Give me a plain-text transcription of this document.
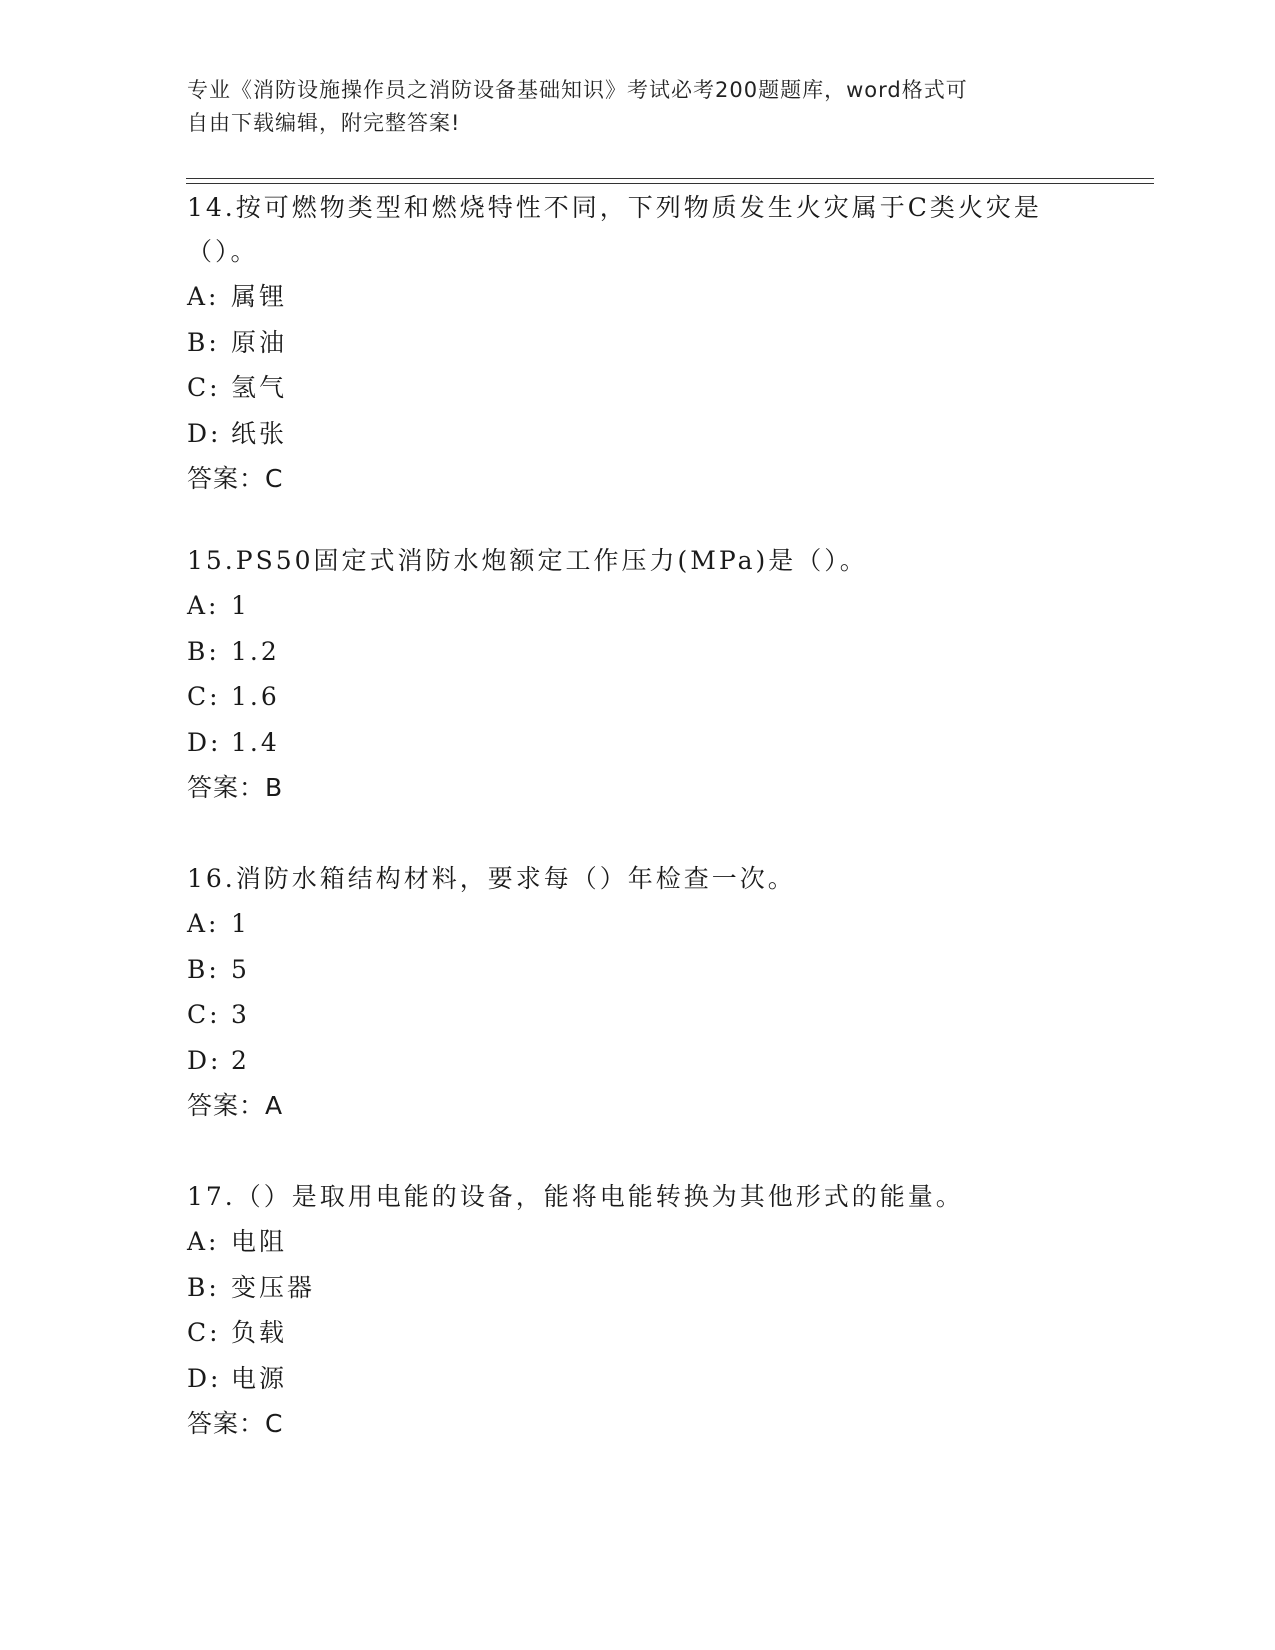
专业《消防设施操作员之消防设备基础知识》考试必考200题题库，word格式可
自由下载编辑，附完整答案!

14.按可燃物类型和燃烧特性不同，下列物质发生火灾属于C类火灾是

（）。

A: 属锂

B: 原油

C: 氢气

D: 纸张

答案：C

15.PS50固定式消防水炮额定工作压力(MPa)是（）。

A: 1

B: 1.2

C: 1.6

D: 1.4

答案：B

16.消防水箱结构材料，要求每（）年检查一次。

A: 1

B: 5

C: 3

D: 2

答案：A

17.（）是取用电能的设备，能将电能转换为其他形式的能量。

A: 电阻

B: 变压器

C: 负载

D: 电源

答案：C
